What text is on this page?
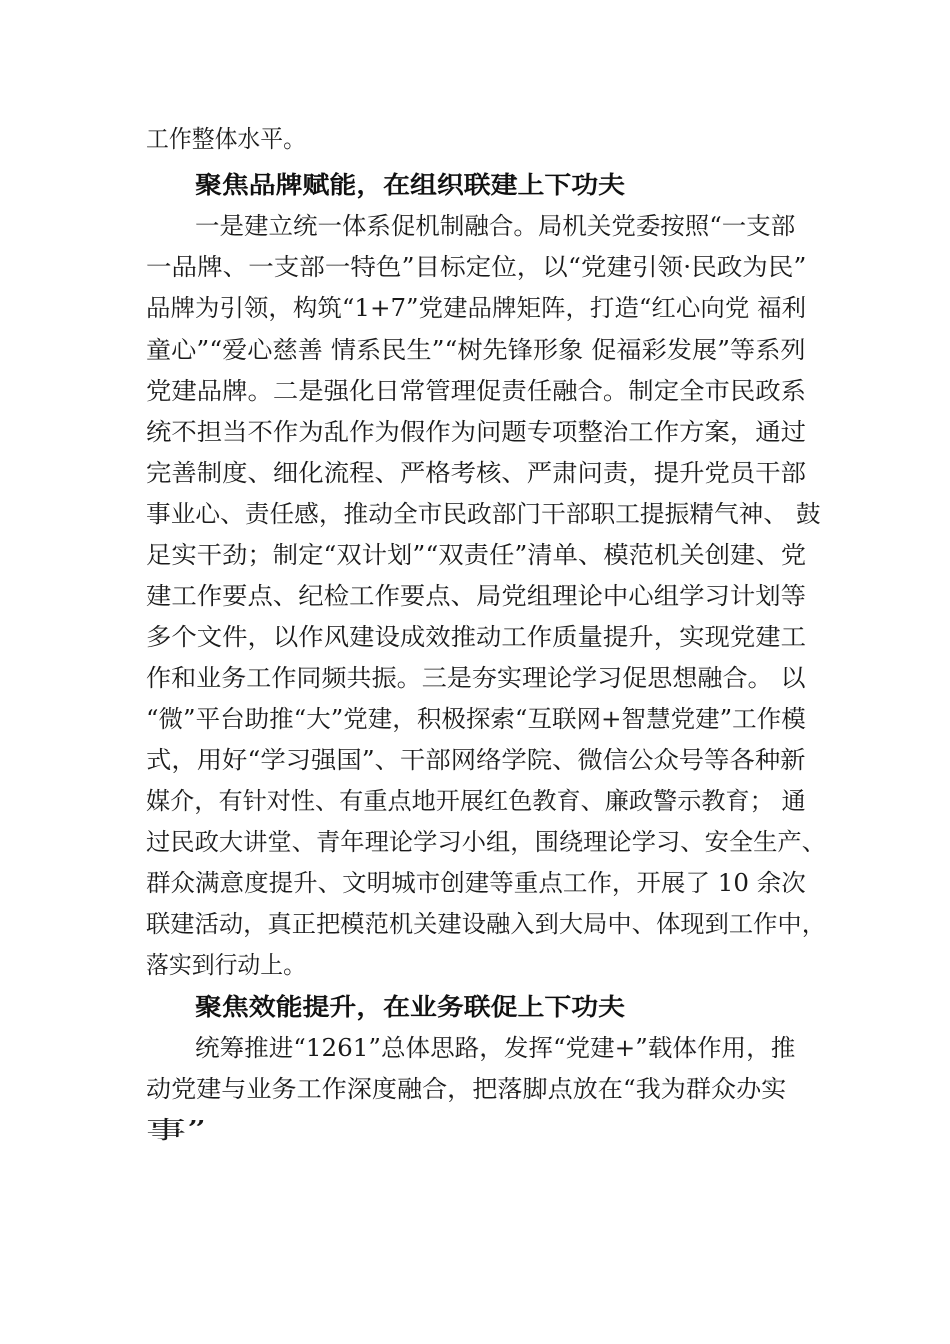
工作整体水平。
聚焦品牌赋能，在组织联建上下功夫
一是建立统一体系促机制融合。局机关党委按照“一支部
一品牌、一支部一特色”目标定位，以“党建引领·民政为民”
品牌为引领，构筑“1+7”党建品牌矩阵，打造“红心向党 福利
童心”“爱心慈善 情系民生”“树先锋形象 促福彩发展”等系列
党建品牌。二是强化日常管理促责任融合。制定全市民政系
统不担当不作为乱作为假作为问题专项整治工作方案，通过
完善制度、细化流程、严格考核、严肃问责，提升党员干部
事业心、责任感，推动全市民政部门干部职工提振精气神、 鼓
足实干劲；制定“双计划”“双责任”清单、模范机关创建、党
建工作要点、纪检工作要点、局党组理论中心组学习计划等
多个文件，以作风建设成效推动工作质量提升，实现党建工
作和业务工作同频共振。三是夯实理论学习促思想融合。 以
“微”平台助推“大”党建，积极探索“互联网+智慧党建”工作模
式，用好“学习强国”、干部网络学院、微信公众号等各种新
媒介，有针对性、有重点地开展红色教育、廉政警示教育； 通
过民政大讲堂、青年理论学习小组，围绕理论学习、安全生产、
群众满意度提升、文明城市创建等重点工作，开展了 10 余次
联建活动，真正把模范机关建设融入到大局中、体现到工作中，
落实到行动上。
聚焦效能提升，在业务联促上下功夫
统筹推进“1261”总体思路，发挥“党建+”载体作用，推
动党建与业务工作深度融合，把落脚点放在“我为群众办实
事”
